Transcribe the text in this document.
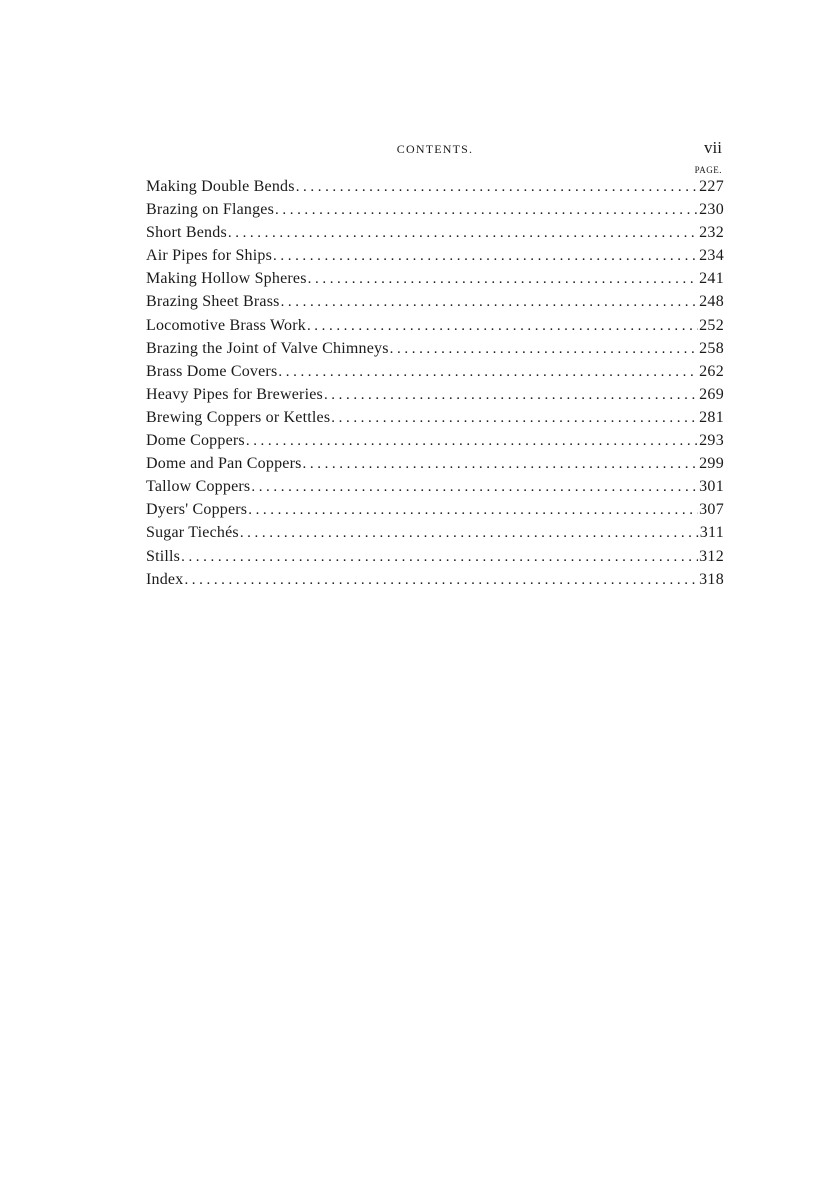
CONTENTS.	vii
PAGE.
Making Double Bends .....	227
Brazing on Flanges .....	230
Short Bends .....	232
Air Pipes for Ships .....	234
Making Hollow Spheres .....	241
Brazing Sheet Brass .....	248
Locomotive Brass Work .....	252
Brazing the Joint of Valve Chimneys .....	258
Brass Dome Covers .....	262
Heavy Pipes for Breweries .....	269
Brewing Coppers or Kettles .....	281
Dome Coppers .....	293
Dome and Pan Coppers .....	299
Tallow Coppers .....	301
Dyers' Coppers .....	307
Sugar Tiechés .....	311
Stills .....	312
Index .....	318
